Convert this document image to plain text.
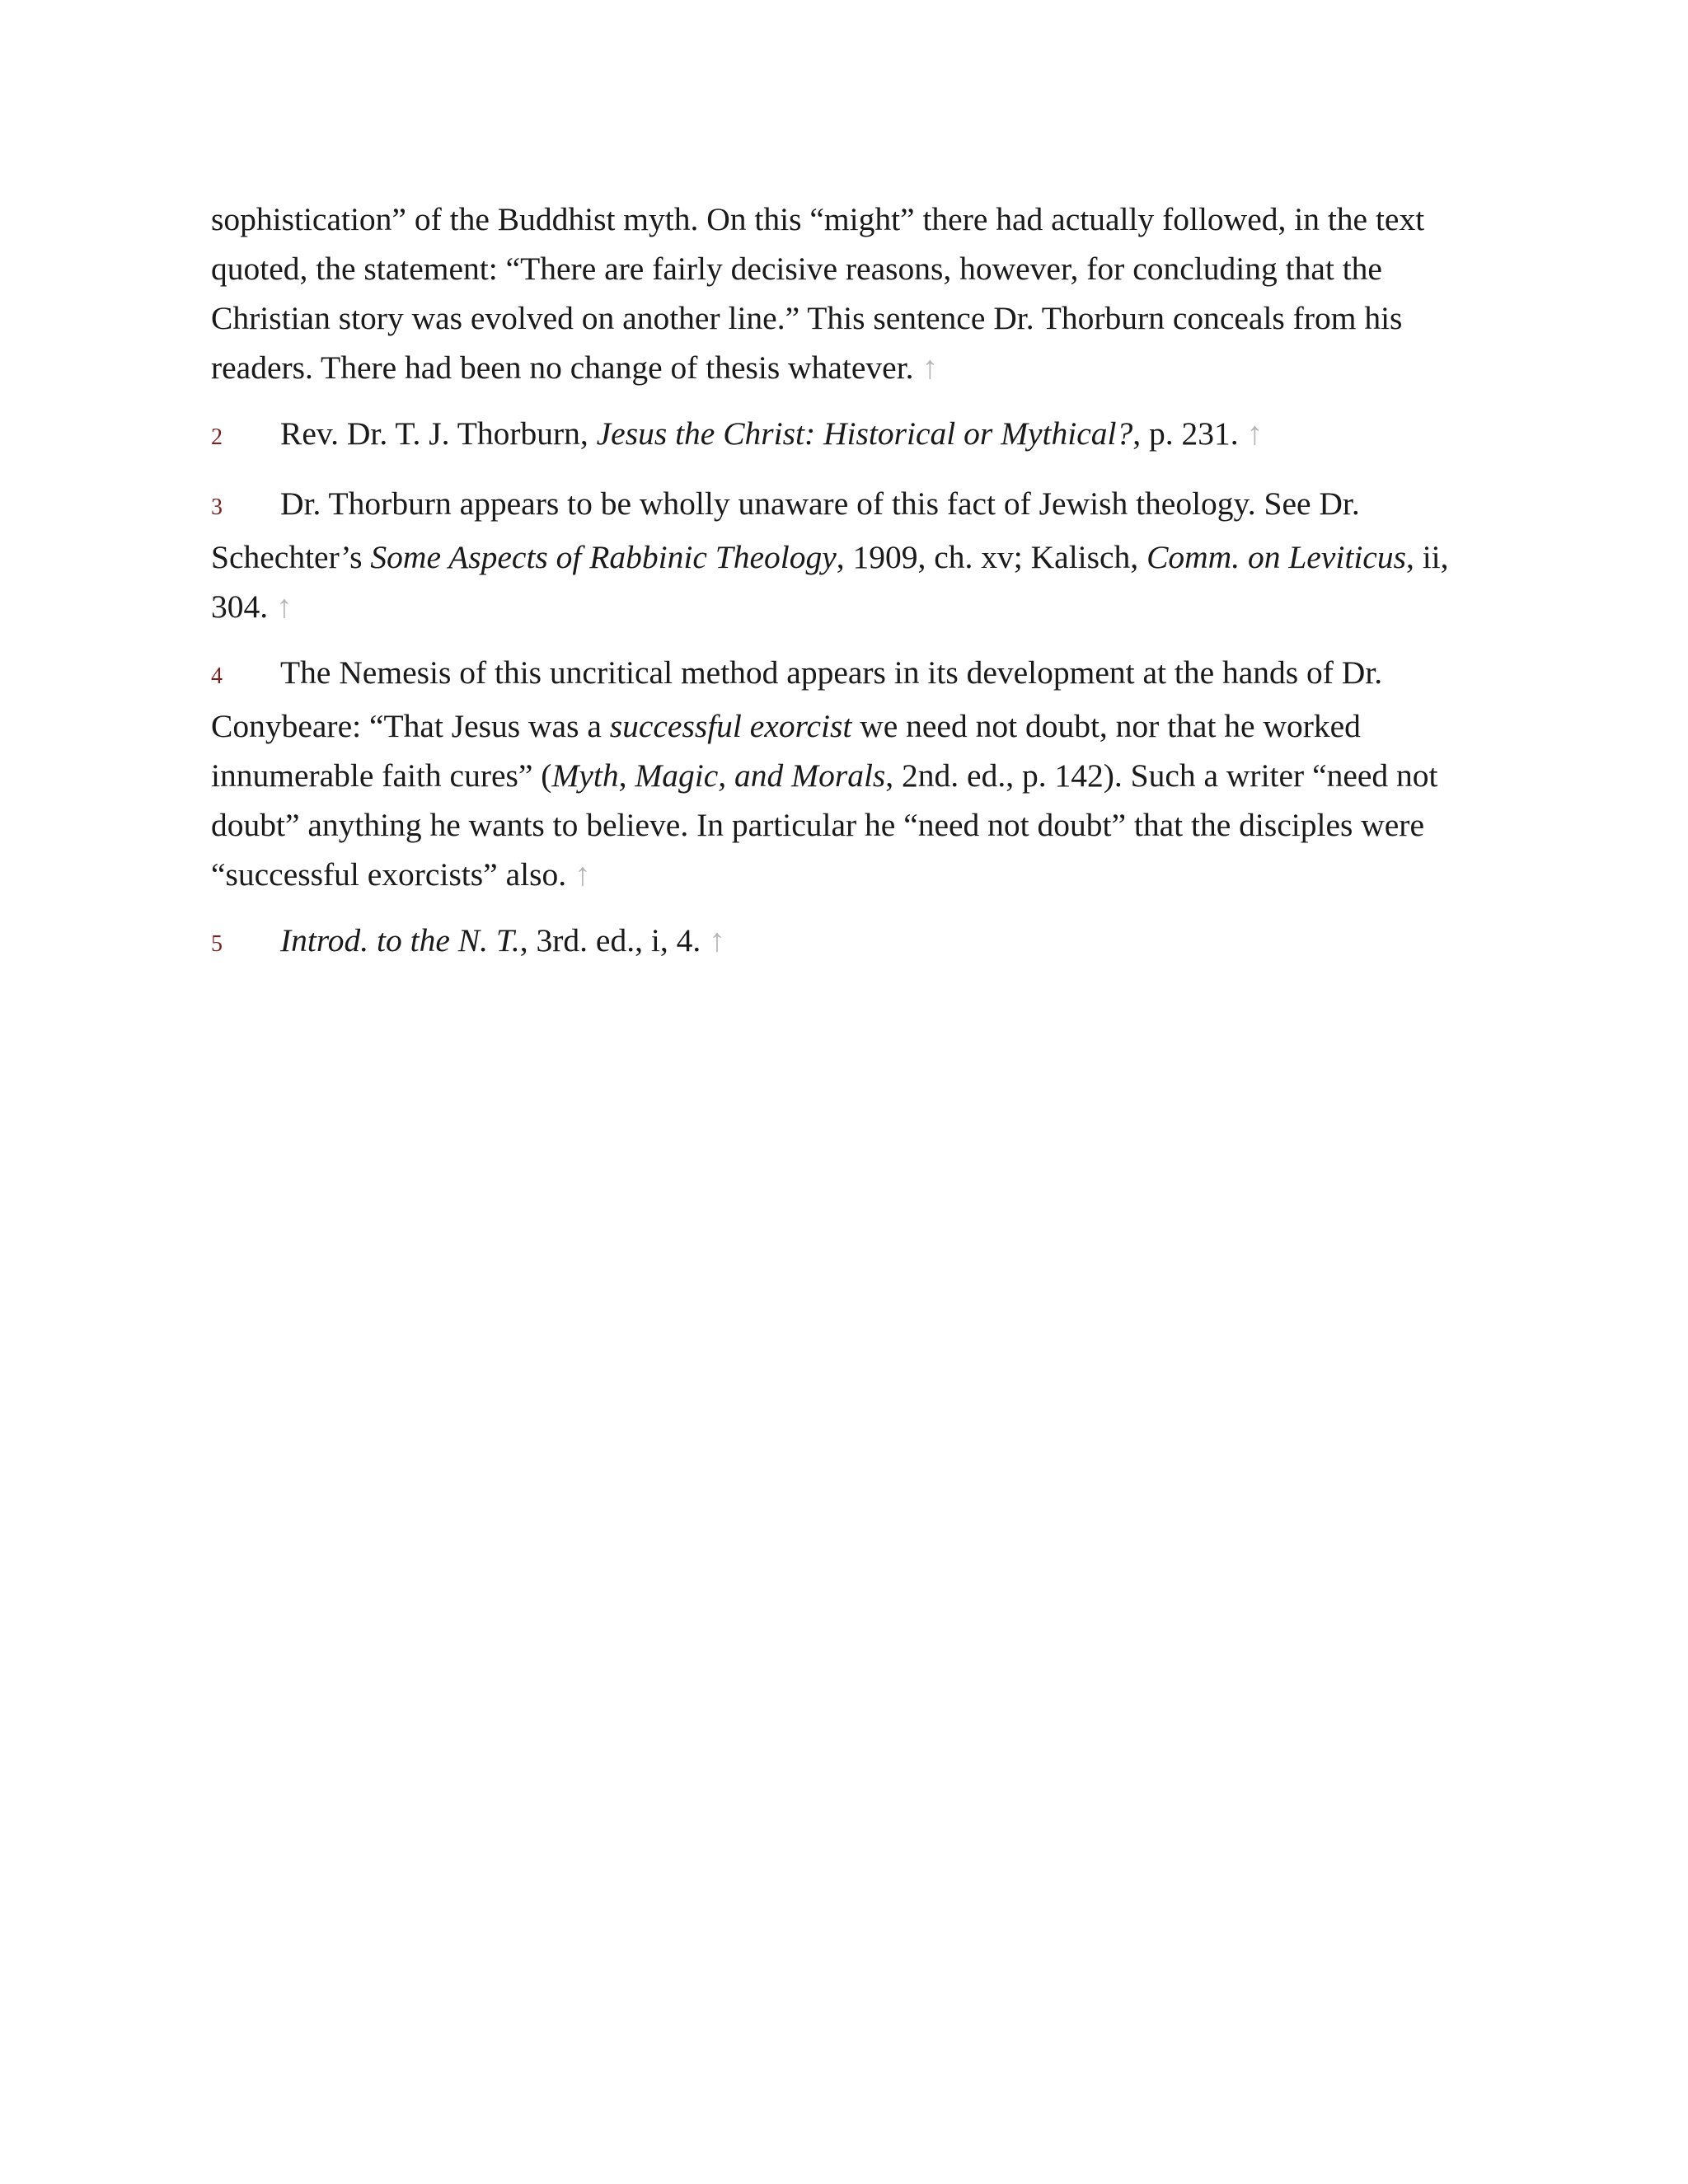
sophistication” of the Buddhist myth. On this “might” there had actually followed, in the text quoted, the statement: “There are fairly decisive reasons, however, for concluding that the Christian story was evolved on another line.” This sentence Dr. Thorburn conceals from his readers. There had been no change of thesis whatever. ↑

2 Rev. Dr. T. J. Thorburn, Jesus the Christ: Historical or Mythical?, p. 231. ↑

3 Dr. Thorburn appears to be wholly unaware of this fact of Jewish theology. See Dr. Schechter’s Some Aspects of Rabbinic Theology, 1909, ch. xv; Kalisch, Comm. on Leviticus, ii, 304. ↑

4 The Nemesis of this uncritical method appears in its development at the hands of Dr. Conybeare: “That Jesus was a successful exorcist we need not doubt, nor that he worked innumerable faith cures” (Myth, Magic, and Morals, 2nd. ed., p. 142). Such a writer “need not doubt” anything he wants to believe. In particular he “need not doubt” that the disciples were “successful exorcists” also. ↑

5 Introd. to the N. T., 3rd. ed., i, 4. ↑
